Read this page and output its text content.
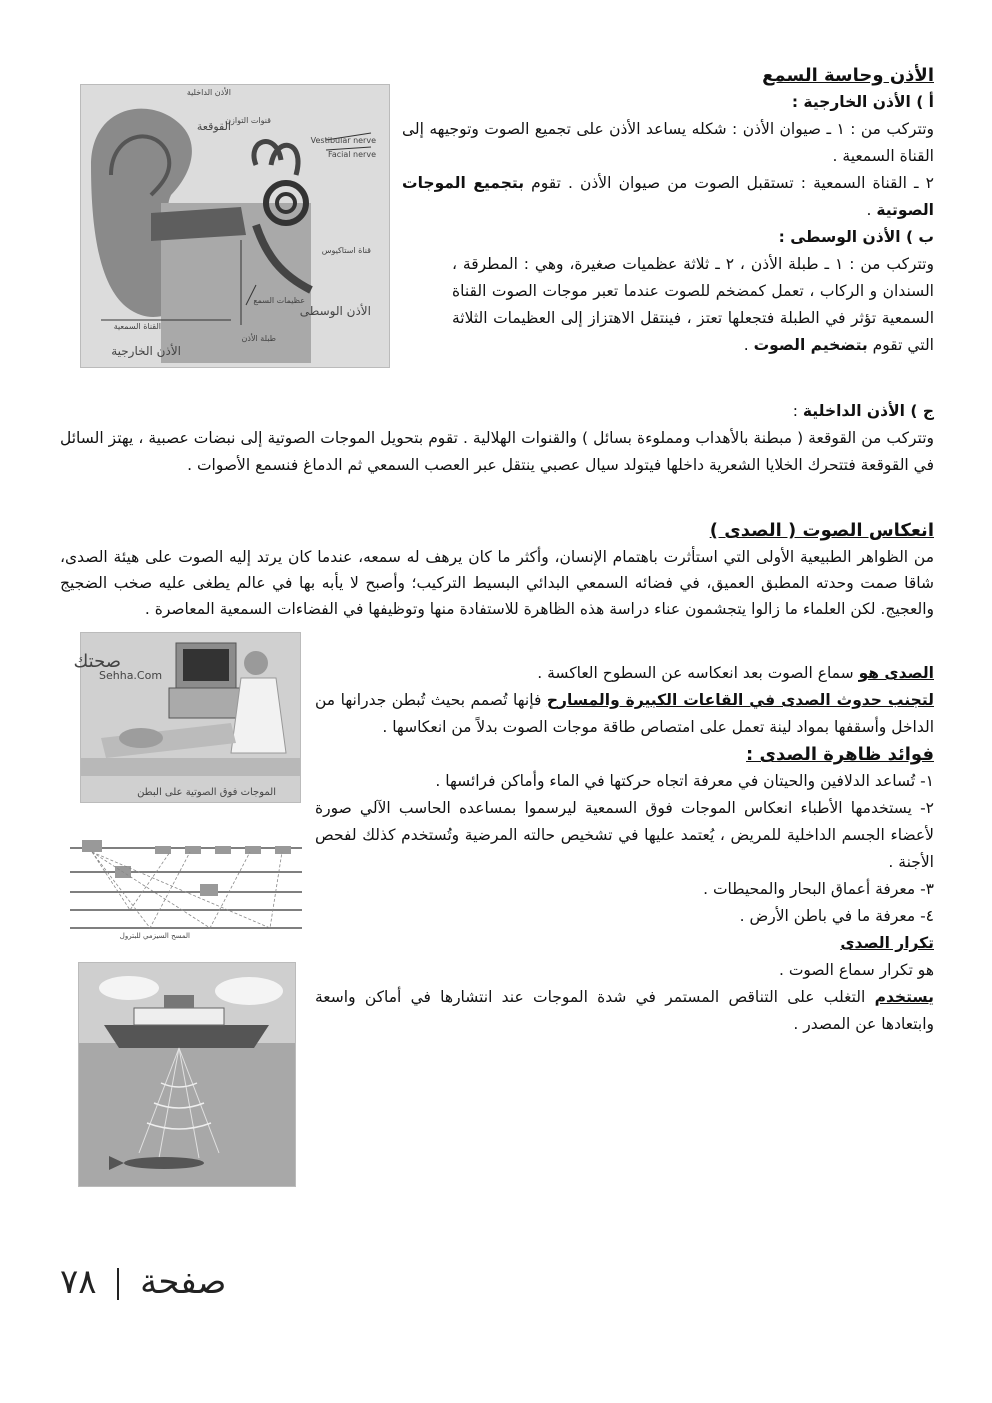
الأذن الداخلية
قنوات التوازن
القوقعة
Vestibular nerve
Facial nerve
قناة استاكيوس
عظيمات السمع
الأذن الوسطى
القناة السمعية
طبلة الأذن
الأذن الخارجية

الأذن وحاسة السمع

أ ) الأذن الخارجية :

وتتركب من : ١ ـ صيوان الأذن : شكله يساعد الأذن على تجميع الصوت وتوجيهه إلى القناة السمعية .

٢ ـ القناة السمعية : تستقبل الصوت من صيوان الأذن . تقوم بتجميع الموجات الصوتية .

ب ) الأذن الوسطى :

وتتركب من : ١ ـ طبلة الأذن ، ٢ ـ ثلاثة عظميات صغيرة، وهي : المطرقة ، السندان و الركاب ، تعمل كمضخم للصوت عندما تعبر موجات الصوت القناة السمعية تؤثر في الطبلة فتجعلها تعتز ، فينتقل الاهتزاز إلى العظيمات الثلاثة التي تقوم بتضخيم الصوت .

ج ) الأذن الداخلية :

وتتركب من القوقعة ( مبطنة بالأهداب ومملوءة بسائل ) والقنوات الهلالية . تقوم بتحويل الموجات الصوتية إلى نبضات عصبية ، يهتز السائل في القوقعة فتتحرك الخلايا الشعرية داخلها فيتولد سيال عصبي ينتقل عبر العصب السمعي ثم الدماغ فنسمع الأصوات .

انعكاس الصوت ( الصدى )

من الظواهر الطبيعية الأولى التي استأثرت باهتمام الإنسان، وأكثر ما كان يرهف له سمعه، عندما كان يرتد إليه الصوت على هيئة الصدى، شاقا صمت وحدته المطبق العميق، في فضائه السمعي البدائي البسيط التركيب؛ وأصبح لا يأبه بها في عالم يطغى عليه صخب الضجيج والعجيج. لكن العلماء ما زالوا يتجشمون عناء دراسة هذه الظاهرة للاستفادة منها وتوظيفها في الفضاءات السمعية المعاصرة .

صحتك
Sehha.Com
الموجات فوق الصوتية على البطن

الصدى هو سماع الصوت بعد انعكاسه عن السطوح العاكسة .

لتجنب حدوث الصدى في القاعات الكبيرة والمسارح فإنها تُصمم بحيث تُبطن جدرانها من الداخل وأسقفها بمواد لينة تعمل على امتصاص طاقة موجات الصوت بدلاً من انعكاسها .

فوائد ظاهرة الصدى :

١- تُساعد الدلافين والحيتان في معرفة اتجاه حركتها في الماء وأماكن فرائسها .

٢- يستخدمها الأطباء انعكاس الموجات فوق السمعية ليرسموا بمساعده الحاسب الآلي صورة لأعضاء الجسم الداخلية للمريض ، يُعتمد عليها في تشخيص حالته المرضية وتُستخدم كذلك لفحص الأجنة .

٣- معرفة أعماق البحار والمحيطات .

٤- معرفة ما في باطن الأرض .

تكرار الصدى

هو تكرار سماع الصوت .

يستخدم التغلب على التناقص المستمر في شدة الموجات عند انتشارها في أماكن واسعة وابتعادها عن المصدر .

المسح السيزمي للبترول
صفحة  ٧٨
